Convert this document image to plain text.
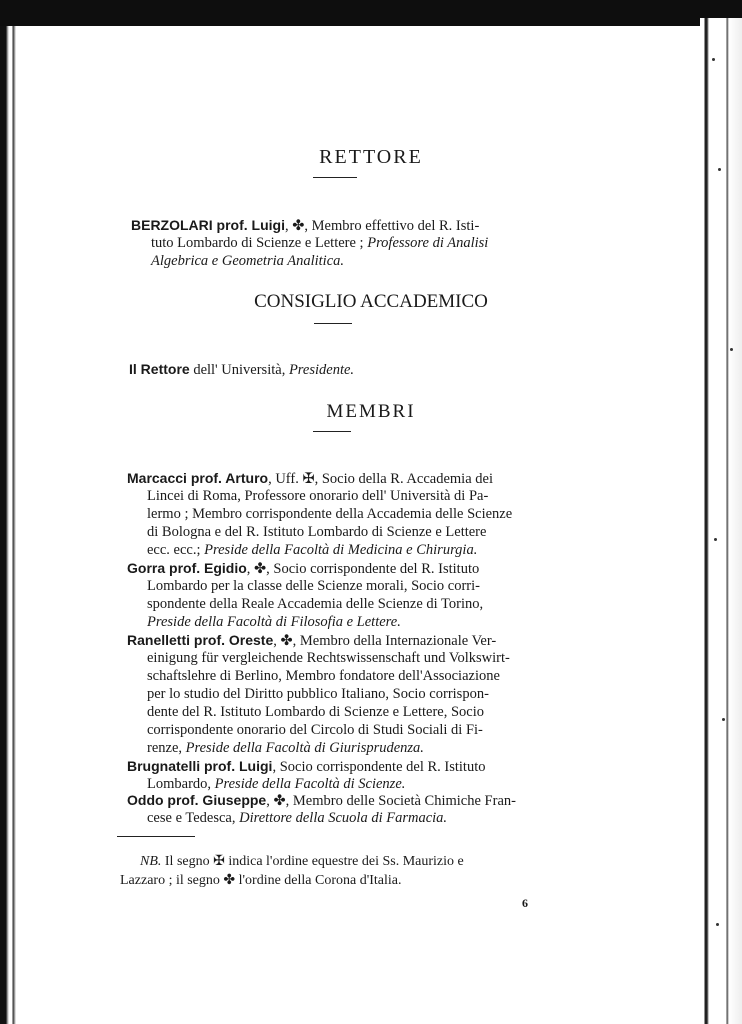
RETTORE
BERZOLARI prof. Luigi, ✤, Membro effettivo del R. Isti-
tuto Lombardo di Scienze e Lettere ; Professore di Analisi
Algebrica e Geometria Analitica.
CONSIGLIO ACCADEMICO
Il Rettore dell' Università, Presidente.
MEMBRI
Marcacci prof. Arturo, Uff. ✠, Socio della R. Accademia dei
Lincei di Roma, Professore onorario dell' Università di Pa-
lermo ; Membro corrispondente della Accademia delle Scienze
di Bologna e del R. Istituto Lombardo di Scienze e Lettere
ecc. ecc.; Preside della Facoltà di Medicina e Chirurgia.
Gorra prof. Egidio, ✤, Socio corrispondente del R. Istituto
Lombardo per la classe delle Scienze morali, Socio corri-
spondente della Reale Accademia delle Scienze di Torino,
Preside della Facoltà di Filosofia e Lettere.
Ranelletti prof. Oreste, ✤, Membro della Internazionale Ver-
einigung für vergleichende Rechtswissenschaft und Volkswirt-
schaftslehre di Berlino, Membro fondatore dell'Associazione
per lo studio del Diritto pubblico Italiano, Socio corrispon-
dente del R. Istituto Lombardo di Scienze e Lettere, Socio
corrispondente onorario del Circolo di Studi Sociali di Fi-
renze, Preside della Facoltà di Giurisprudenza.
Brugnatelli prof. Luigi, Socio corrispondente del R. Istituto
Lombardo, Preside della Facoltà di Scienze.
Oddo prof. Giuseppe, ✤, Membro delle Società Chimiche Fran-
cese e Tedesca, Direttore della Scuola di Farmacia.
NB. Il segno ✠ indica l'ordine equestre dei Ss. Maurizio e
Lazzaro ; il segno ✤ l'ordine della Corona d'Italia.
6
